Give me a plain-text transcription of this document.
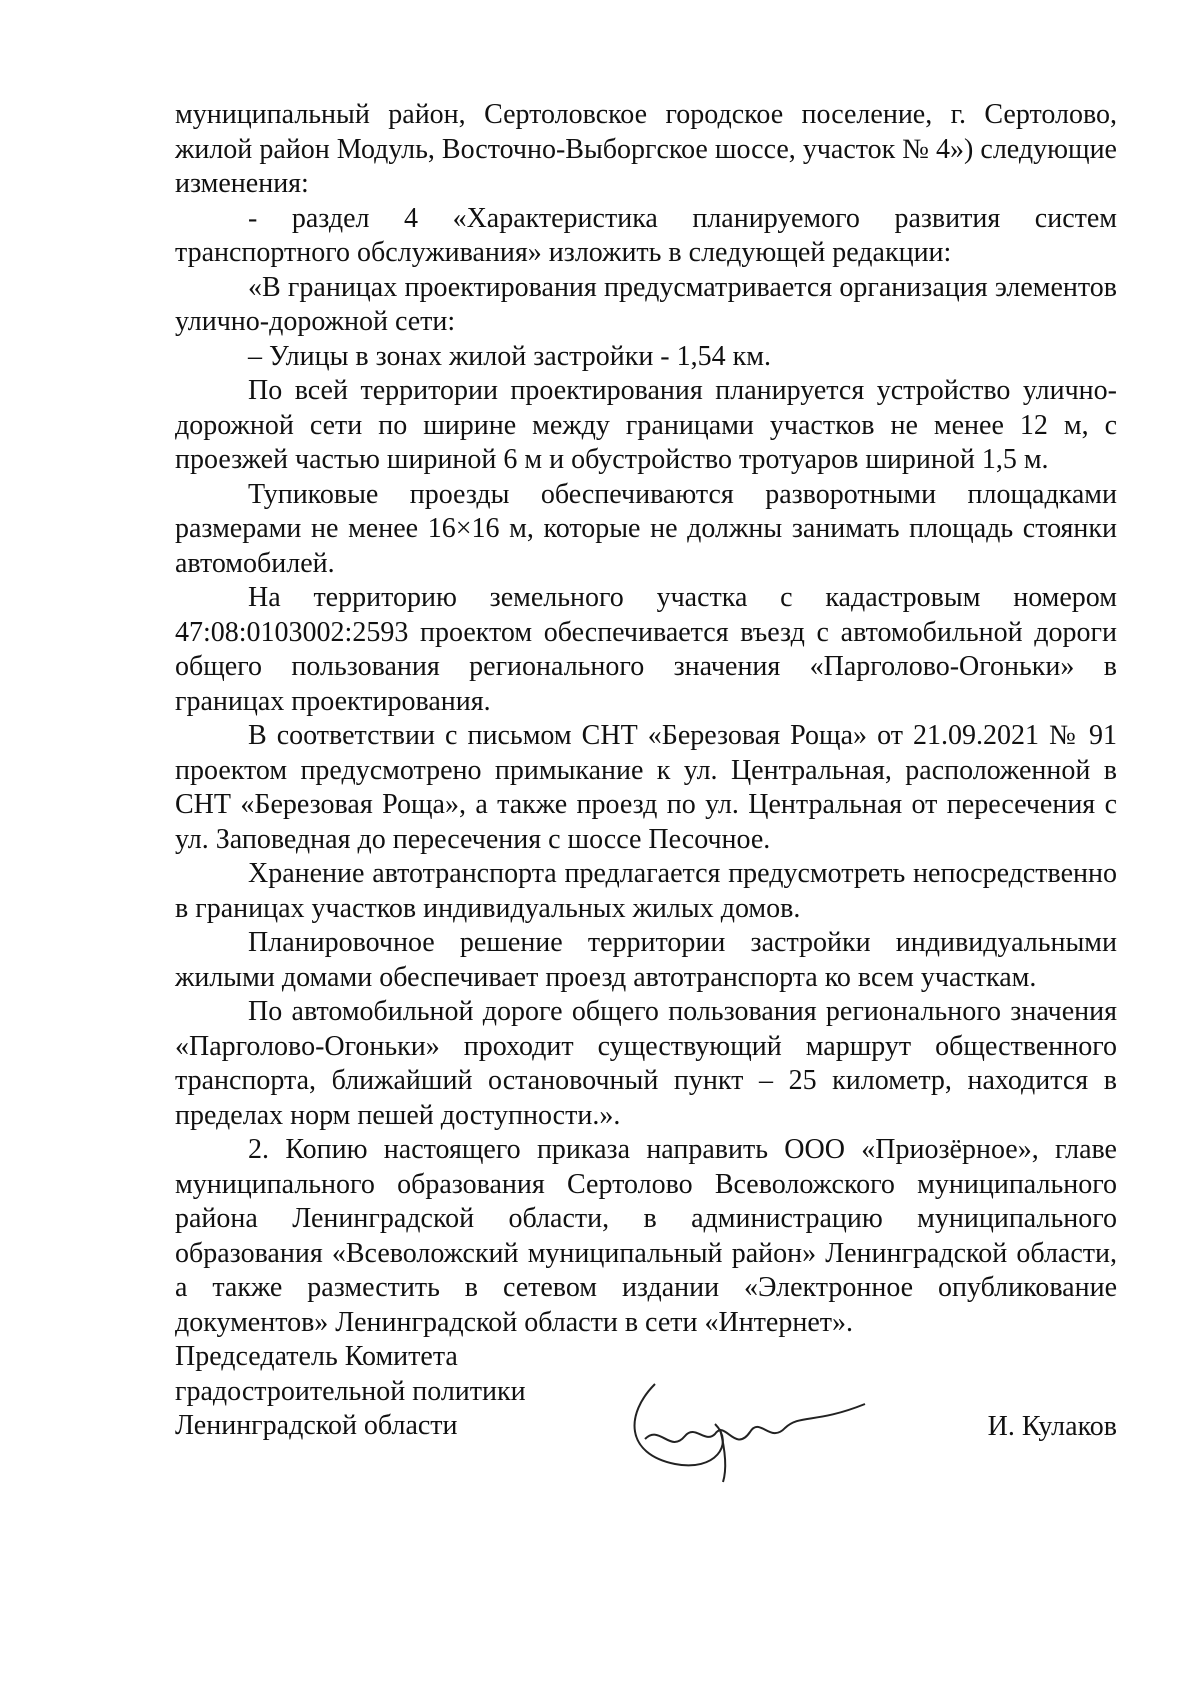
муниципальный район, Сертоловское городское поселение, г. Сертолово, жилой район Модуль, Восточно-Выборгское шоссе, участок № 4») следующие изменения:

- раздел 4 «Характеристика планируемого развития систем транспортного обслуживания» изложить в следующей редакции:

«В границах проектирования предусматривается организация элементов улично-дорожной сети:

– Улицы в зонах жилой застройки - 1,54 км.

По всей территории проектирования планируется устройство улично-дорожной сети по ширине между границами участков не менее 12 м, с проезжей частью шириной 6 м и обустройство тротуаров шириной 1,5 м.

Тупиковые проезды обеспечиваются разворотными площадками размерами не менее 16×16 м, которые не должны занимать площадь стоянки автомобилей.

На территорию земельного участка с кадастровым номером 47:08:0103002:2593 проектом обеспечивается въезд с автомобильной дороги общего пользования регионального значения «Парголово-Огоньки» в границах проектирования.

В соответствии с письмом СНТ «Березовая Роща» от 21.09.2021 № 91 проектом предусмотрено примыкание к ул. Центральная, расположенной в СНТ «Березовая Роща», а также проезд по ул. Центральная от пересечения с ул. Заповедная до пересечения с шоссе Песочное.

Хранение автотранспорта предлагается предусмотреть непосредственно в границах участков индивидуальных жилых домов.

Планировочное решение территории застройки индивидуальными жилыми домами обеспечивает проезд автотранспорта ко всем участкам.

По автомобильной дороге общего пользования регионального значения «Парголово-Огоньки» проходит существующий маршрут общественного транспорта, ближайший остановочный пункт – 25 километр, находится в пределах норм пешей доступности.».

2. Копию настоящего приказа направить ООО «Приозёрное», главе муниципального образования Сертолово Всеволожского муниципального района Ленинградской области, в администрацию муниципального образования «Всеволожский муниципальный район» Ленинградской области, а также разместить в сетевом издании «Электронное опубликование документов» Ленинградской области в сети «Интернет».

Председатель Комитета

градостроительной политики

Ленинградской области	И. Кулаков
